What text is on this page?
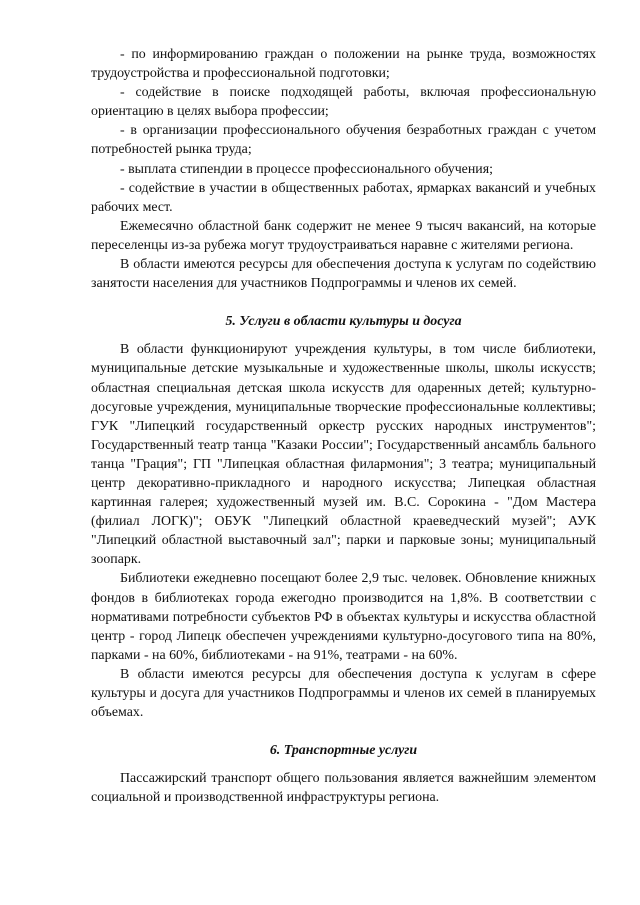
- по информированию граждан о положении на рынке труда, возможностях трудоустройства и профессиональной подготовки;

- содействие в поиске подходящей работы, включая профессиональную ориентацию в целях выбора профессии;

- в организации профессионального обучения безработных граждан с учетом потребностей рынка труда;

- выплата стипендии в процессе профессионального обучения;

- содействие в участии в общественных работах, ярмарках вакансий и учебных рабочих мест.

Ежемесячно областной банк содержит не менее 9 тысяч вакансий, на которые переселенцы из-за рубежа могут трудоустраиваться наравне с жителями региона.

В области имеются ресурсы для обеспечения доступа к услугам по содействию занятости населения для участников Подпрограммы и членов их семей.

5. Услуги в области культуры и досуга

В области функционируют учреждения культуры, в том числе библиотеки, муниципальные детские музыкальные и художественные школы, школы искусств; областная специальная детская школа искусств для одаренных детей; культурно-досуговые учреждения, муниципальные творческие профессиональные коллективы; ГУК "Липецкий государственный оркестр русских народных инструментов"; Государственный театр танца "Казаки России"; Государственный ансамбль бального танца "Грация"; ГП "Липецкая областная филармония"; 3 театра; муниципальный центр декоративно-прикладного и народного искусства; Липецкая областная картинная галерея; художественный музей им. В.С. Сорокина - "Дом Мастера (филиал ЛОГК)"; ОБУК "Липецкий областной краеведческий музей"; АУК "Липецкий областной выставочный зал"; парки и парковые зоны; муниципальный зоопарк.

Библиотеки ежедневно посещают более 2,9 тыс. человек. Обновление книжных фондов в библиотеках города ежегодно производится на 1,8%. В соответствии с нормативами потребности субъектов РФ в объектах культуры и искусства областной центр - город Липецк обеспечен учреждениями культурно-досугового типа на 80%, парками - на 60%, библиотеками - на 91%, театрами - на 60%.

В области имеются ресурсы для обеспечения доступа к услугам в сфере культуры и досуга для участников Подпрограммы и членов их семей в планируемых объемах.

6. Транспортные услуги

Пассажирский транспорт общего пользования является важнейшим элементом социальной и производственной инфраструктуры региона.
